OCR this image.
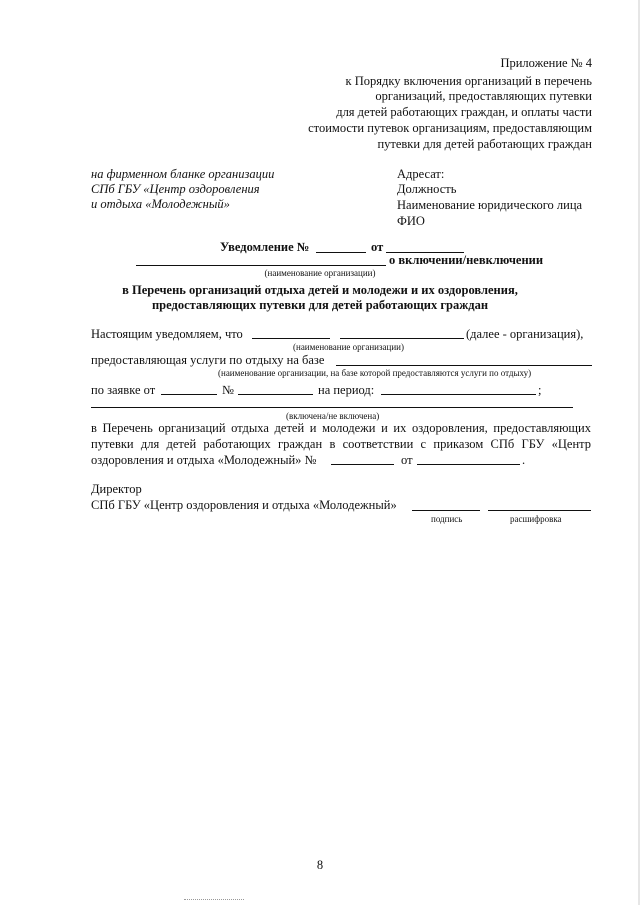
Приложение № 4
к Порядку включения организаций в перечень
организаций, предоставляющих путевки
для детей работающих граждан, и оплаты части
стоимости путевок организациям, предоставляющим
путевки для детей работающих граждан
на фирменном бланке организации
СПб ГБУ «Центр оздоровления
и отдыха «Молодежный»
Адресат:
Должность
Наименование юридического лица
ФИО
Уведомление №	от
о включении/невключении
(наименование организации)
в Перечень организаций отдыха детей и молодежи и их оздоровления,
предоставляющих путевки для детей работающих граждан
Настоящим уведомляем, что	(далее - организация),
(наименование организации)
предоставляющая услуги по отдыху на базе
(наименование организации, на базе которой предоставляются услуги по отдыху)
по заявке от	№	на период:	;
(включена/не включена)
в Перечень организаций отдыха детей и молодежи и их оздоровления, предоставляющих
путевки для детей работающих граждан в соответствии с приказом СПб ГБУ «Центр
оздоровления и отдыха «Молодежный» №	от	.
Директор
СПб ГБУ «Центр оздоровления и отдыха «Молодежный»
подпись	расшифровка
8
